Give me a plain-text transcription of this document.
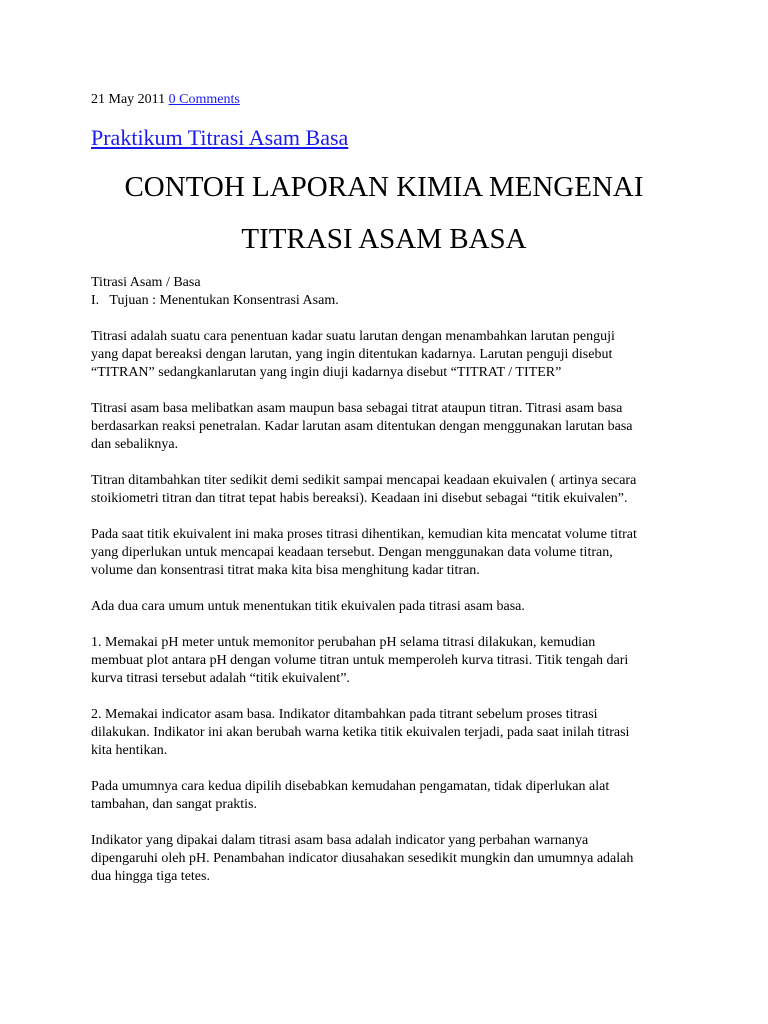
21 May 2011 0 Comments
Praktikum Titrasi Asam Basa
CONTOH LAPORAN KIMIA MENGENAI
TITRASI ASAM BASA

Titrasi Asam / Basa

I.   Tujuan : Menentukan Konsentrasi Asam.

Titrasi adalah suatu cara penentuan kadar suatu larutan dengan menambahkan larutan penguji
yang dapat bereaksi dengan larutan, yang ingin ditentukan kadarnya. Larutan penguji disebut
“TITRAN” sedangkanlarutan yang ingin diuji kadarnya disebut “TITRAT / TITER”
Titrasi asam basa melibatkan asam maupun basa sebagai titrat ataupun titran. Titrasi asam basa
berdasarkan reaksi penetralan. Kadar larutan asam ditentukan dengan menggunakan larutan basa
dan sebaliknya.
Titran ditambahkan titer sedikit demi sedikit sampai mencapai keadaan ekuivalen ( artinya secara
stoikiometri titran dan titrat tepat habis bereaksi). Keadaan ini disebut sebagai “titik ekuivalen”.
Pada saat titik ekuivalent ini maka proses titrasi dihentikan, kemudian kita mencatat volume titrat
yang diperlukan untuk mencapai keadaan tersebut. Dengan menggunakan data volume titran,
volume dan konsentrasi titrat maka kita bisa menghitung kadar titran.
Ada dua cara umum untuk menentukan titik ekuivalen pada titrasi asam basa.
1. Memakai pH meter untuk memonitor perubahan pH selama titrasi dilakukan, kemudian
membuat plot antara pH dengan volume titran untuk memperoleh kurva titrasi. Titik tengah dari
kurva titrasi tersebut adalah “titik ekuivalent”.
2. Memakai indicator asam basa. Indikator ditambahkan pada titrant sebelum proses titrasi
dilakukan. Indikator ini akan berubah warna ketika titik ekuivalen terjadi, pada saat inilah titrasi
kita hentikan.
Pada umumnya cara kedua dipilih disebabkan kemudahan pengamatan, tidak diperlukan alat
tambahan, dan sangat praktis.
Indikator yang dipakai dalam titrasi asam basa adalah indicator yang perbahan warnanya
dipengaruhi oleh pH. Penambahan indicator diusahakan sesedikit mungkin dan umumnya adalah
dua hingga tiga tetes.
